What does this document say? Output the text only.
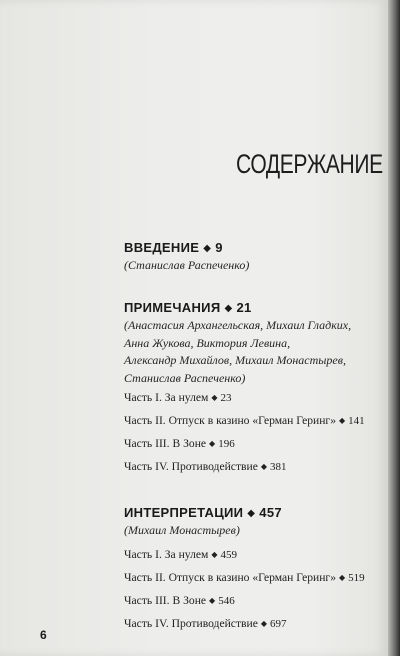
СОДЕРЖАНИЕ
ВВЕДЕНИЕ ◆ 9
(Станислав Распеченко)
ПРИМЕЧАНИЯ ◆ 21
(Анастасия Архангельская, Михаил Гладких,
Анна Жукова, Виктория Левина,
Александр Михайлов, Михаил Монастырев,
Станислав Распеченко)
Часть I. За нулем ◆ 23
Часть II. Отпуск в казино «Герман Геринг» ◆ 141
Часть III. В Зоне ◆ 196
Часть IV. Противодействие ◆ 381
ИНТЕРПРЕТАЦИИ ◆ 457
(Михаил Монастырев)
Часть I. За нулем ◆ 459
Часть II. Отпуск в казино «Герман Геринг» ◆ 519
Часть III. В Зоне ◆ 546
Часть IV. Противодействие ◆ 697
6
